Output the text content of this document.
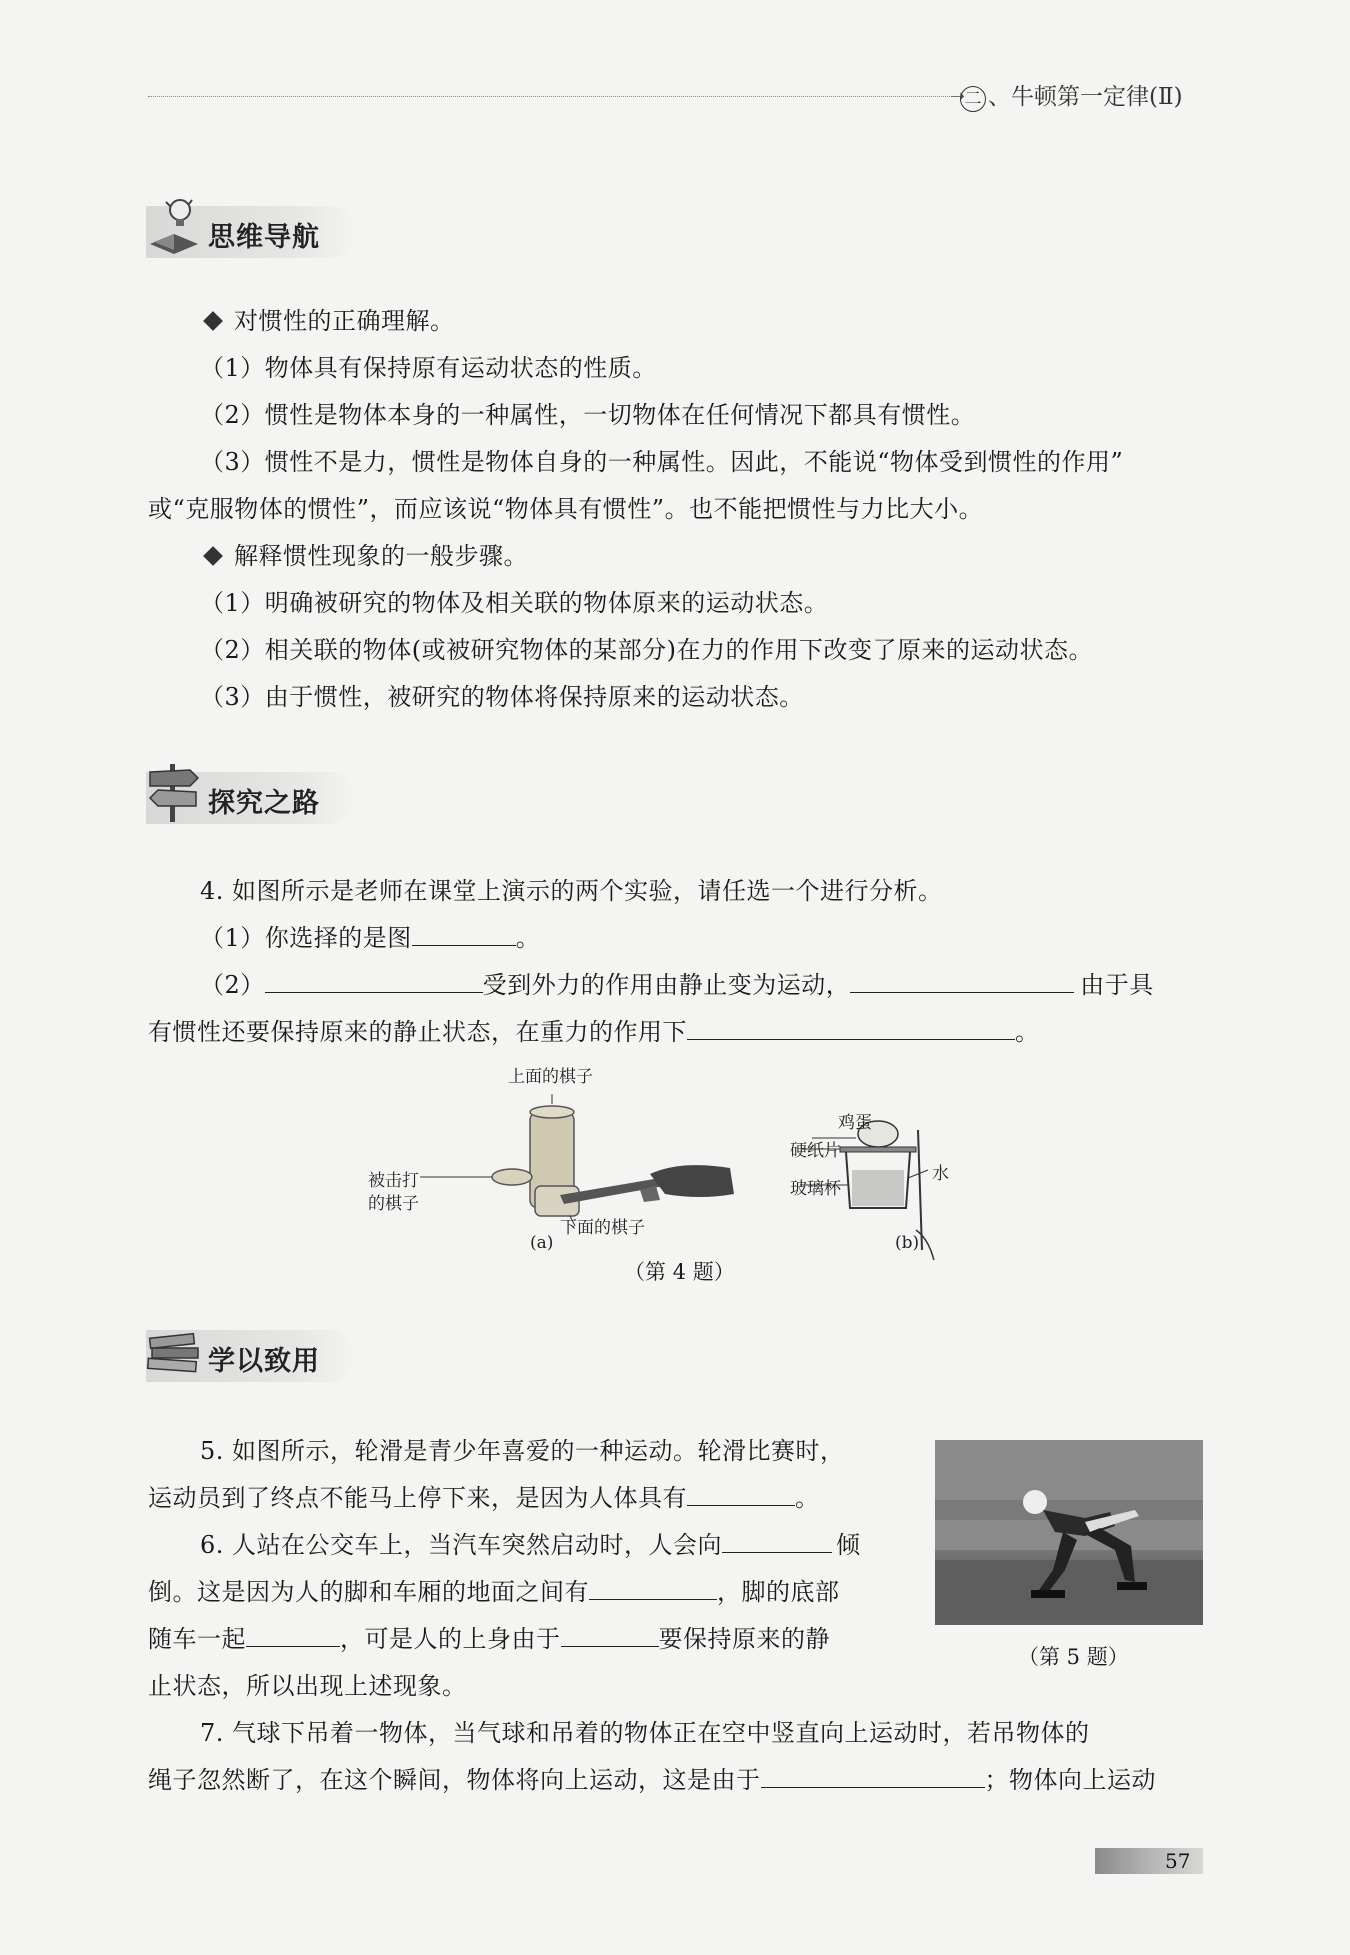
➝ 二 、牛顿第一定律(Ⅱ)
思维导航
对惯性的正确理解。
（1）物体具有保持原有运动状态的性质。
（2）惯性是物体本身的一种属性，一切物体在任何情况下都具有惯性。
（3）惯性不是力，惯性是物体自身的一种属性。因此，不能说“物体受到惯性的作用”
或“克服物体的惯性”，而应该说“物体具有惯性”。也不能把惯性与力比大小。
解释惯性现象的一般步骤。
（1）明确被研究的物体及相关联的物体原来的运动状态。
（2）相关联的物体(或被研究物体的某部分)在力的作用下改变了原来的运动状态。
（3）由于惯性，被研究的物体将保持原来的运动状态。
探究之路
4. 如图所示是老师在课堂上演示的两个实验，请任选一个进行分析。
（1）你选择的是图	。
（2）	受到外力的作用由静止变为运动，	由于具
有惯性还要保持原来的静止状态，在重力的作用下	。
上面的棋子
被击打
的棋子
下面的棋子
(a)
鸡蛋
硬纸片
玻璃杯
水
(b)
（第 4 题）
学以致用
5. 如图所示，轮滑是青少年喜爱的一种运动。轮滑比赛时，
运动员到了终点不能马上停下来，是因为人体具有	。
（第 5 题）
6. 人站在公交车上，当汽车突然启动时，人会向	倾
倒。这是因为人的脚和车厢的地面之间有	，脚的底部
随车一起	，可是人的上身由于	要保持原来的静
止状态，所以出现上述现象。
7. 气球下吊着一物体，当气球和吊着的物体正在空中竖直向上运动时，若吊物体的
绳子忽然断了，在这个瞬间，物体将向上运动，这是由于	；物体向上运动
57
